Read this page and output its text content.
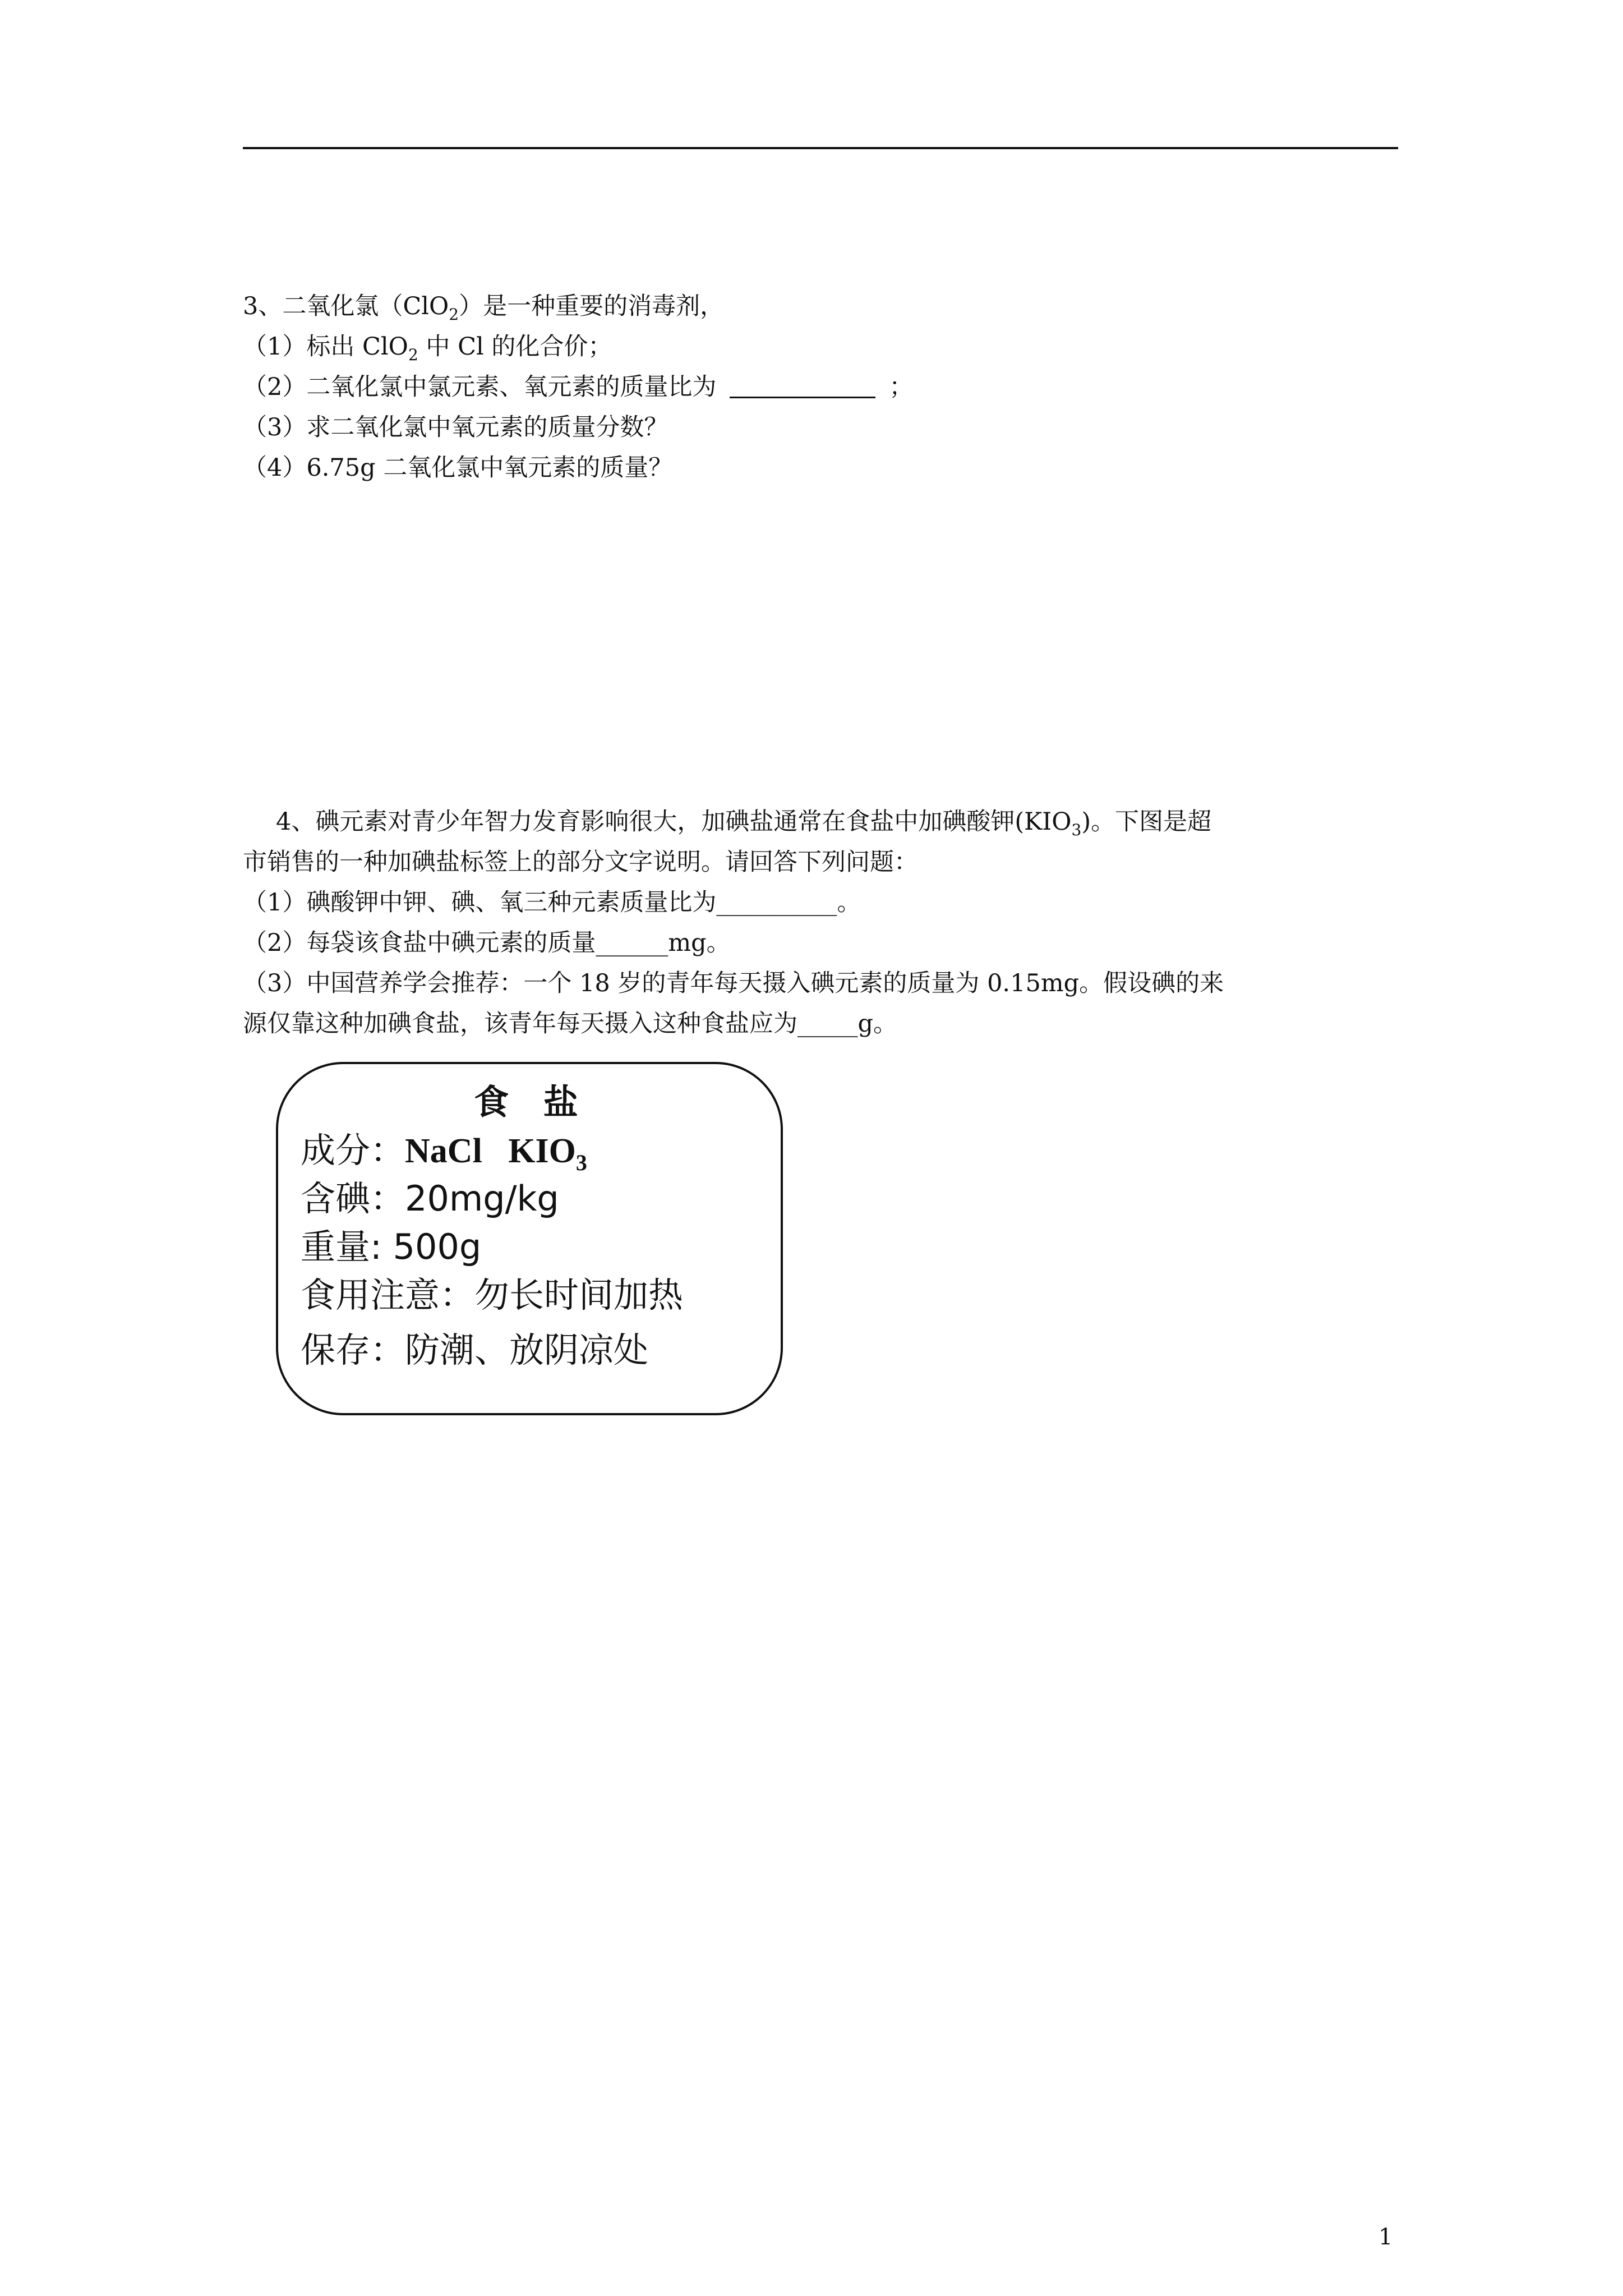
3、二氧化氯（ClO$_2$）是一种重要的消毒剂，
（1）标出 ClO$_2$ 中 Cl 的化合价；
（2）二氧化氯中氯元素、氧元素的质量比为	；
（3）求二氧化氯中氧元素的质量分数？
（4）6.75g 二氧化氯中氧元素的质量？
4、碘元素对青少年智力发育影响很大，加碘盐通常在食盐中加碘酸钾$(KIO_3)$。下图是超
市销售的一种加碘盐标签上的部分文字说明。请回答下列问题：
（1）碘酸钾中钾、碘、氧三种元素质量比为__________。
（2）每袋该食盐中碘元素的质量______mg。
（3）中国营养学会推荐：一个 18 岁的青年每天摄入碘元素的质量为 0.15mg。假设碘的来
源仅靠这种加碘食盐，该青年每天摄入这种食盐应为_____g。
食 盐
成分：NaCl $KIO_3$
含碘：20mg/kg
重量: 500g
食用注意：勿长时间加热
保存：防潮、放阴凉处
1
